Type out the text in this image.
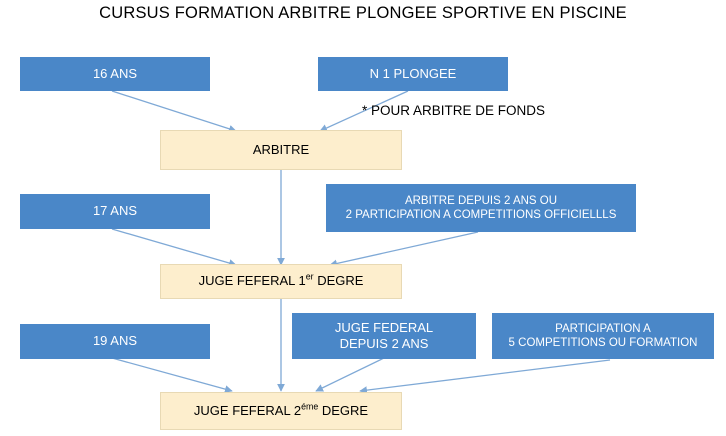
CURSUS FORMATION ARBITRE PLONGEE SPORTIVE EN PISCINE
16 ANS	N 1 PLONGEE
* POUR ARBITRE DE FONDS
ARBITRE
17 ANS
ARBITRE DEPUIS 2 ANS OU
2 PARTICIPATION A COMPETITIONS OFFICIELLLS
JUGE FEFERAL 1er DEGRE
19 ANS
JUGE FEDERAL
DEPUIS 2 ANS
PARTICIPATION A
5 COMPETITIONS OU FORMATION
JUGE FEFERAL $2^{éme}$ DEGRE
